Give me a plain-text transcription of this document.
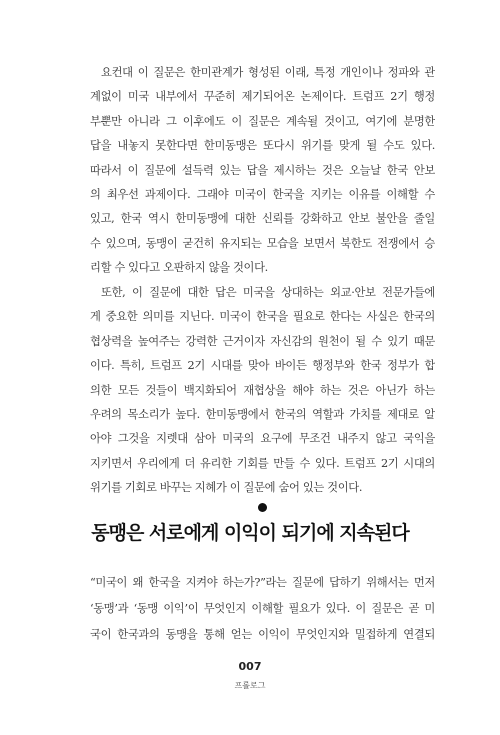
요컨대 이 질문은 한미관계가 형성된 이래, 특정 개인이나 정파와 관
계없이 미국 내부에서 꾸준히 제기되어온 논제이다. 트럼프 2기 행정
부뿐만 아니라 그 이후에도 이 질문은 계속될 것이고, 여기에 분명한
답을 내놓지 못한다면 한미동맹은 또다시 위기를 맞게 될 수도 있다.
따라서 이 질문에 설득력 있는 답을 제시하는 것은 오늘날 한국 안보
의 최우선 과제이다. 그래야 미국이 한국을 지키는 이유를 이해할 수
있고, 한국 역시 한미동맹에 대한 신뢰를 강화하고 안보 불안을 줄일
수 있으며, 동맹이 굳건히 유지되는 모습을 보면서 북한도 전쟁에서 승
리할 수 있다고 오판하지 않을 것이다.
또한, 이 질문에 대한 답은 미국을 상대하는 외교·안보 전문가들에
게 중요한 의미를 지닌다. 미국이 한국을 필요로 한다는 사실은 한국의
협상력을 높여주는 강력한 근거이자 자신감의 원천이 될 수 있기 때문
이다. 특히, 트럼프 2기 시대를 맞아 바이든 행정부와 한국 정부가 합
의한 모든 것들이 백지화되어 재협상을 해야 하는 것은 아닌가 하는
우려의 목소리가 높다. 한미동맹에서 한국의 역할과 가치를 제대로 알
아야 그것을 지렛대 삼아 미국의 요구에 무조건 내주지 않고 국익을
지키면서 우리에게 더 유리한 기회를 만들 수 있다. 트럼프 2기 시대의
위기를 기회로 바꾸는 지혜가 이 질문에 숨어 있는 것이다.
동맹은 서로에게 이익이 되기에 지속된다
“미국이 왜 한국을 지켜야 하는가?”라는 질문에 답하기 위해서는 먼저
‘동맹’과 ‘동맹 이익’이 무엇인지 이해할 필요가 있다. 이 질문은 곧 미
국이 한국과의 동맹을 통해 얻는 이익이 무엇인지와 밀접하게 연결되
007
프롤로그
